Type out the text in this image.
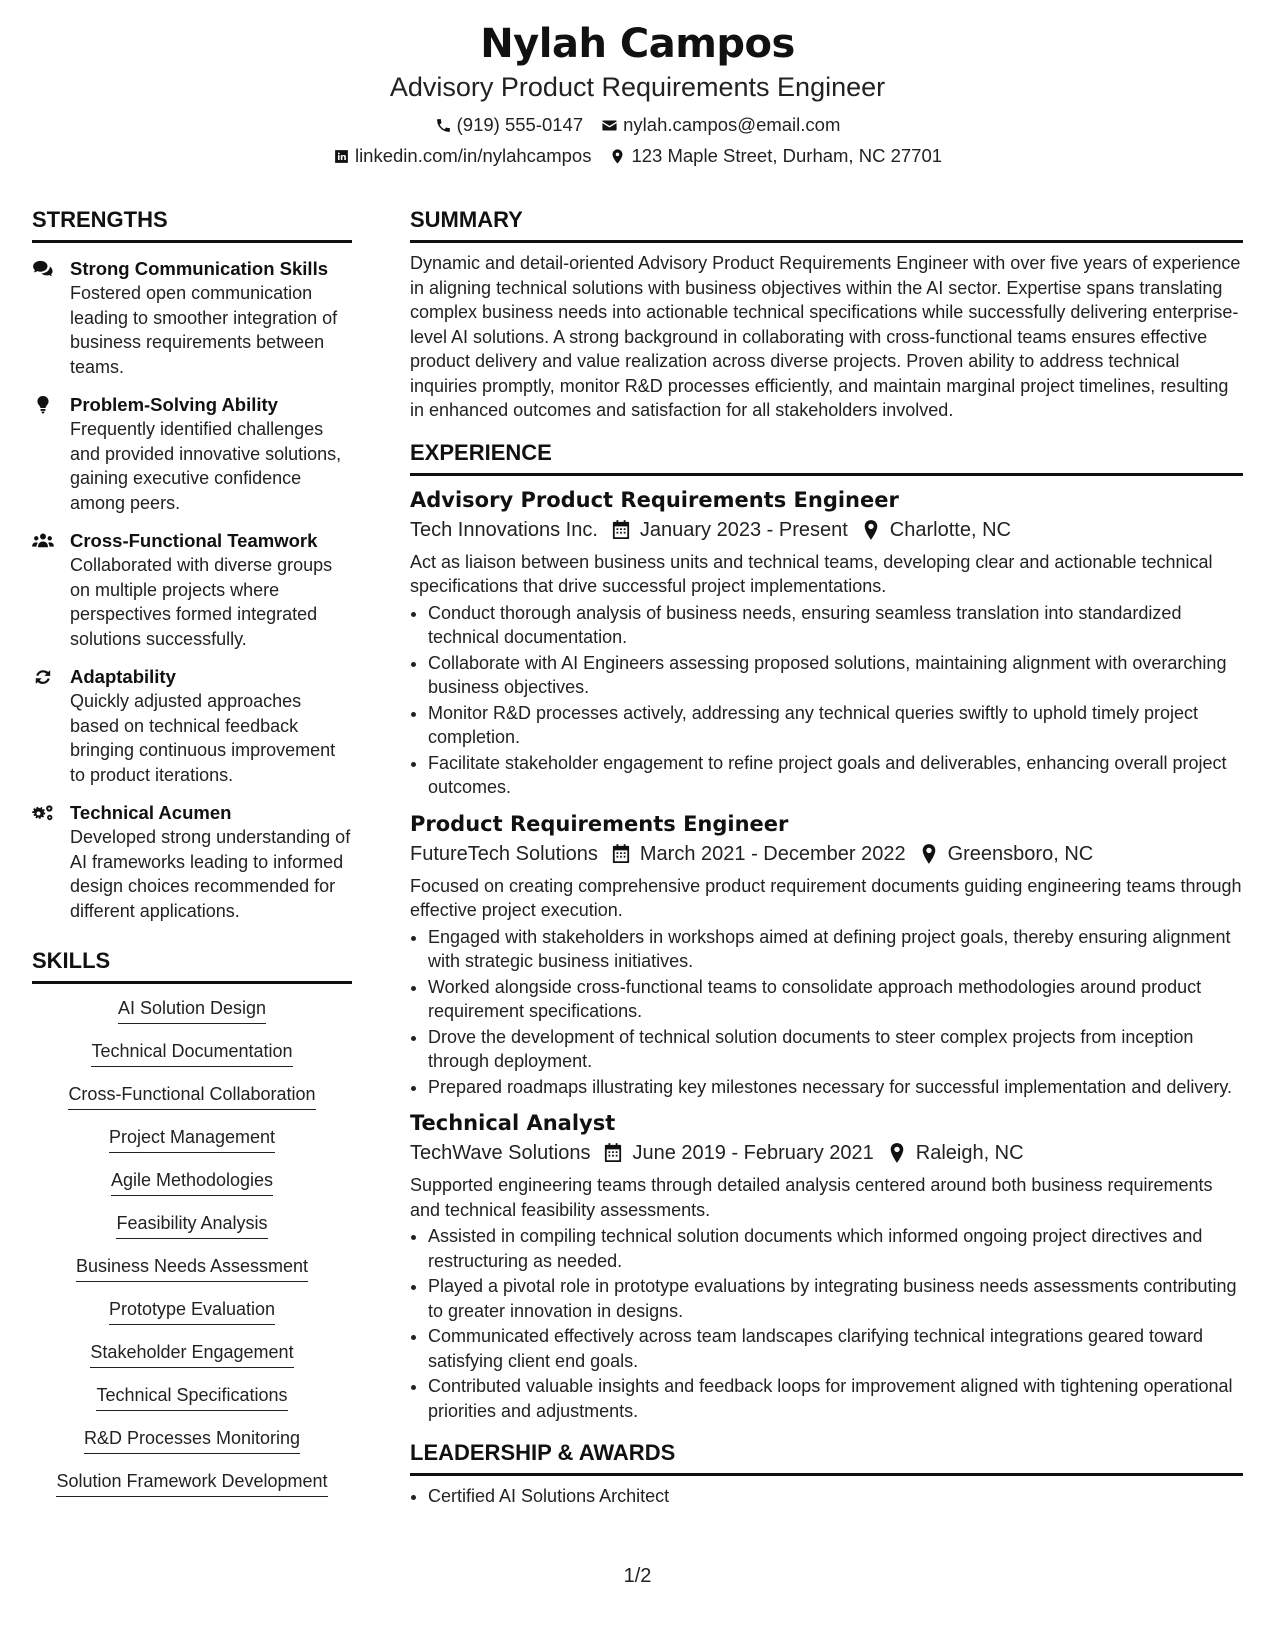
Nylah Campos
Advisory Product Requirements Engineer
(919) 555-0147 nylah.campos@email.com
linkedin.com/in/nylahcampos 123 Maple Street, Durham, NC 27701
STRENGTHS
Strong Communication Skills
Fostered open communication leading to smoother integration of business requirements between teams.
Problem-Solving Ability
Frequently identified challenges and provided innovative solutions, gaining executive confidence among peers.
Cross-Functional Teamwork
Collaborated with diverse groups on multiple projects where perspectives formed integrated solutions successfully.
Adaptability
Quickly adjusted approaches based on technical feedback bringing continuous improvement to product iterations.
Technical Acumen
Developed strong understanding of AI frameworks leading to informed design choices recommended for different applications.
SKILLS
AI Solution Design
Technical Documentation
Cross-Functional Collaboration
Project Management
Agile Methodologies
Feasibility Analysis
Business Needs Assessment
Prototype Evaluation
Stakeholder Engagement
Technical Specifications
R&D Processes Monitoring
Solution Framework Development
SUMMARY
Dynamic and detail-oriented Advisory Product Requirements Engineer with over five years of experience in aligning technical solutions with business objectives within the AI sector. Expertise spans translating complex business needs into actionable technical specifications while successfully delivering enterprise-level AI solutions. A strong background in collaborating with cross-functional teams ensures effective product delivery and value realization across diverse projects. Proven ability to address technical inquiries promptly, monitor R&D processes efficiently, and maintain marginal project timelines, resulting in enhanced outcomes and satisfaction for all stakeholders involved.
EXPERIENCE
Advisory Product Requirements Engineer
Tech Innovations Inc. January 2023 - Present Charlotte, NC
Act as liaison between business units and technical teams, developing clear and actionable technical specifications that drive successful project implementations.
• Conduct thorough analysis of business needs, ensuring seamless translation into standardized technical documentation.
• Collaborate with AI Engineers assessing proposed solutions, maintaining alignment with overarching business objectives.
• Monitor R&D processes actively, addressing any technical queries swiftly to uphold timely project completion.
• Facilitate stakeholder engagement to refine project goals and deliverables, enhancing overall project outcomes.
Product Requirements Engineer
FutureTech Solutions March 2021 - December 2022 Greensboro, NC
Focused on creating comprehensive product requirement documents guiding engineering teams through effective project execution.
• Engaged with stakeholders in workshops aimed at defining project goals, thereby ensuring alignment with strategic business initiatives.
• Worked alongside cross-functional teams to consolidate approach methodologies around product requirement specifications.
• Drove the development of technical solution documents to steer complex projects from inception through deployment.
• Prepared roadmaps illustrating key milestones necessary for successful implementation and delivery.
Technical Analyst
TechWave Solutions June 2019 - February 2021 Raleigh, NC
Supported engineering teams through detailed analysis centered around both business requirements and technical feasibility assessments.
• Assisted in compiling technical solution documents which informed ongoing project directives and restructuring as needed.
• Played a pivotal role in prototype evaluations by integrating business needs assessments contributing to greater innovation in designs.
• Communicated effectively across team landscapes clarifying technical integrations geared toward satisfying client end goals.
• Contributed valuable insights and feedback loops for improvement aligned with tightening operational priorities and adjustments.
LEADERSHIP & AWARDS
• Certified AI Solutions Architect
1/2
